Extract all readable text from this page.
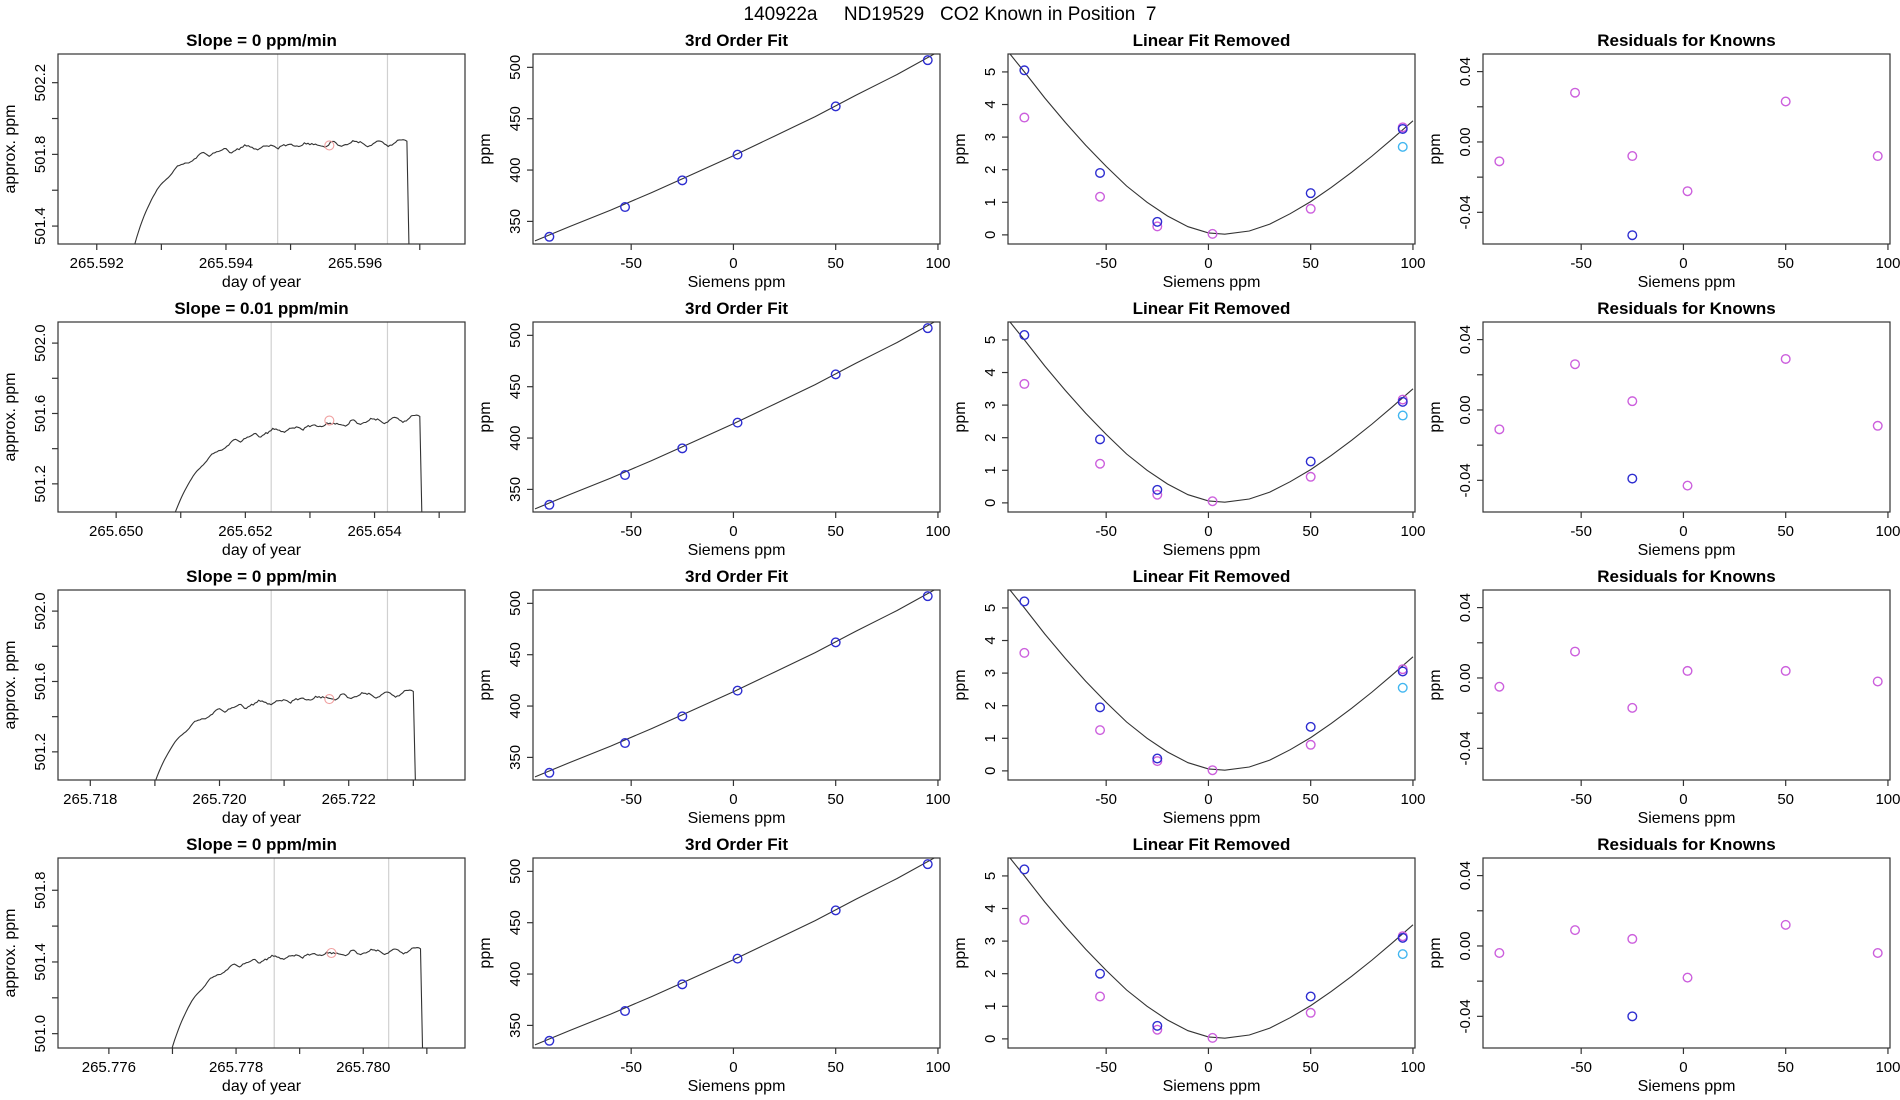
140922a     ND19529   CO2 Known in Position  7
265.592	265.594	265.596
501.4
501.8
502.2
Slope = 0 ppm/min
day of year
approx. ppm
-50	0	50	100
350
400
450
500
3rd Order Fit
Siemens ppm
ppm
-50	0	50	100
0
1
2
3
4
5
Linear Fit Removed
Siemens ppm
ppm
-50	0	50	100
-0.04
0.00
0.04
Residuals for Knowns
Siemens ppm
ppm
265.650	265.652	265.654
501.2
501.6
502.0
Slope = 0.01 ppm/min
day of year
approx. ppm
-50	0	50	100
350
400
450
500
3rd Order Fit
Siemens ppm
ppm
-50	0	50	100
0
1
2
3
4
5
Linear Fit Removed
Siemens ppm
ppm
-50	0	50	100
-0.04
0.00
0.04
Residuals for Knowns
Siemens ppm
ppm
265.718	265.720	265.722
501.2
501.6
502.0
Slope = 0 ppm/min
day of year
approx. ppm
-50	0	50	100
350
400
450
500
3rd Order Fit
Siemens ppm
ppm
-50	0	50	100
0
1
2
3
4
5
Linear Fit Removed
Siemens ppm
ppm
-50	0	50	100
-0.04
0.00
0.04
Residuals for Knowns
Siemens ppm
ppm
265.776	265.778	265.780
501.0
501.4
501.8
Slope = 0 ppm/min
day of year
approx. ppm
-50	0	50	100
350
400
450
500
3rd Order Fit
Siemens ppm
ppm
-50	0	50	100
0
1
2
3
4
5
Linear Fit Removed
Siemens ppm
ppm
-50	0	50	100
-0.04
0.00
0.04
Residuals for Knowns
Siemens ppm
ppm
